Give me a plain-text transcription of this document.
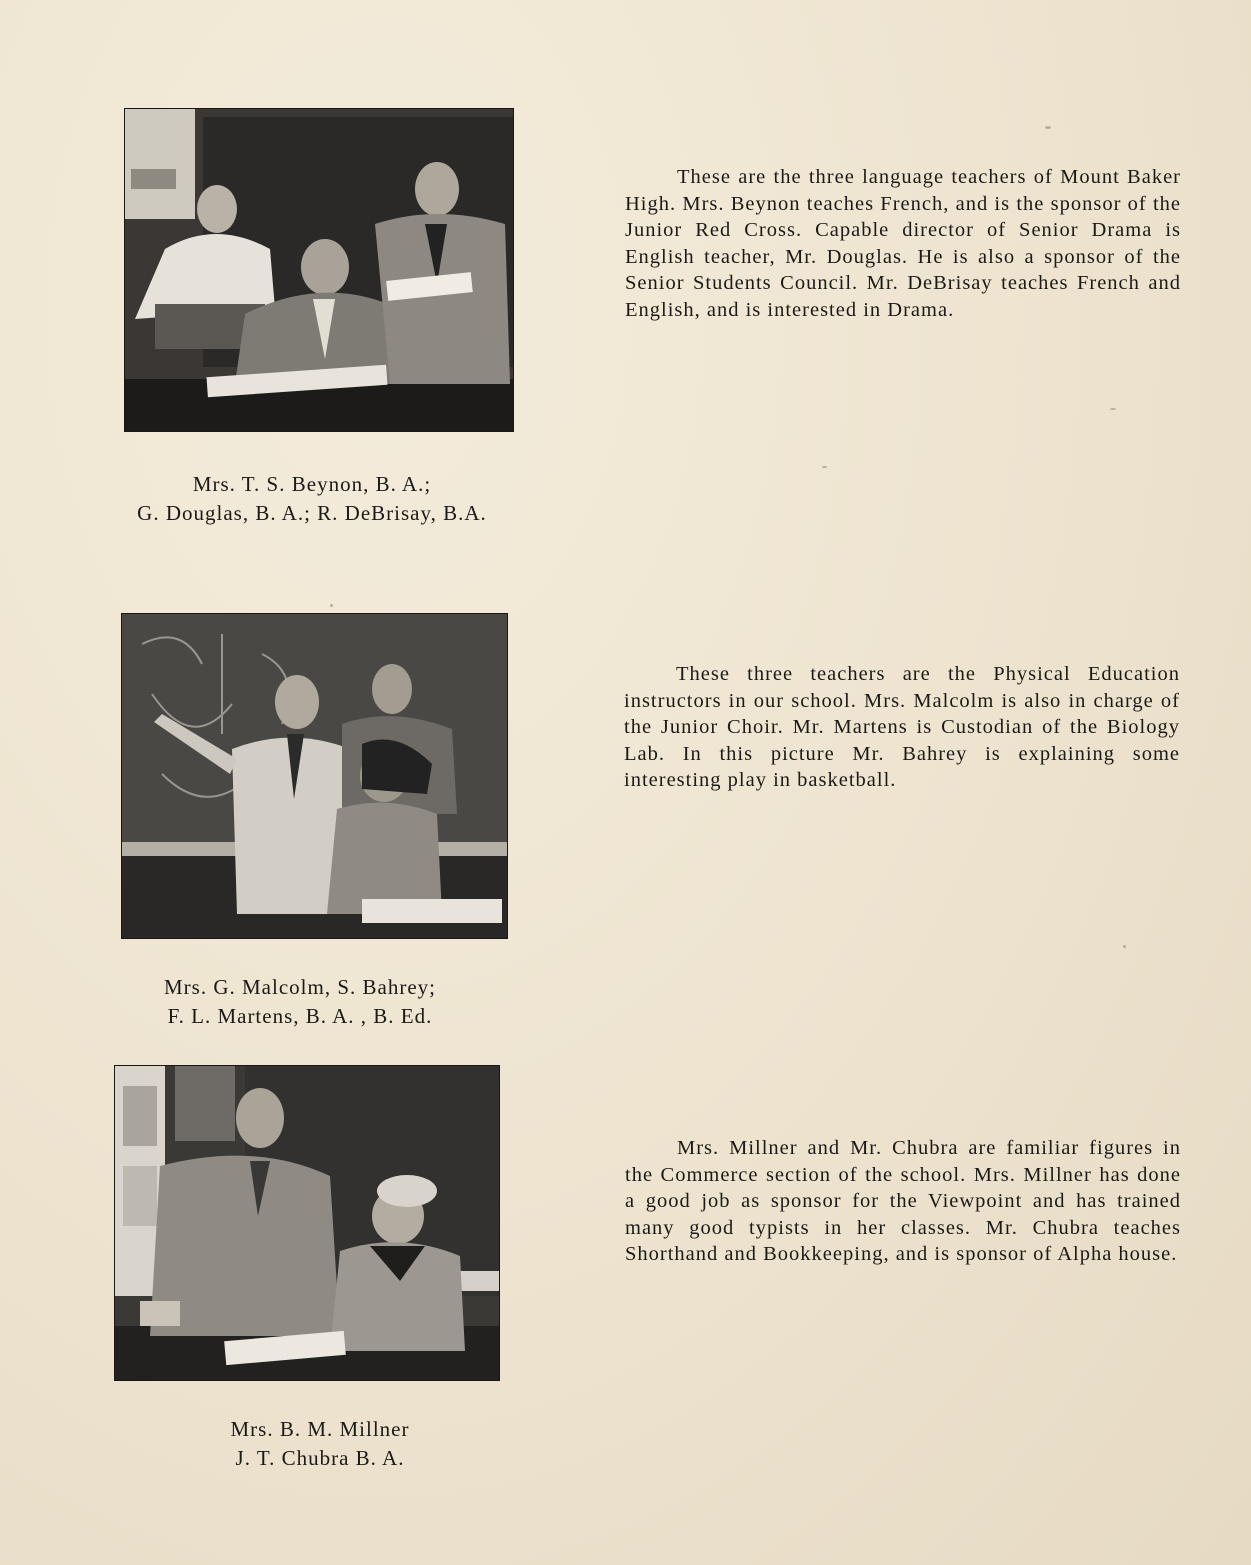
Mrs. T. S. Beynon, B. A.;
G. Douglas, B. A.; R. DeBrisay, B.A.

These are the three language teachers of Mount Baker High. Mrs. Beynon teaches French, and is the sponsor of the Junior Red Cross. Capable director of Senior Drama is English teacher, Mr. Douglas. He is also a sponsor of the Senior Students Council. Mr. DeBrisay teaches French and English, and is interested in Drama.

Mrs. G. Malcolm, S. Bahrey;
F. L. Martens, B. A. , B. Ed.

These three teachers are the Physical Education instructors in our school. Mrs. Malcolm is also in charge of the Junior Choir. Mr. Martens is Custodian of the Biology Lab. In this picture Mr. Bahrey is explaining some interesting play in basketball.

Mrs. B. M. Millner
J. T. Chubra B. A.

Mrs. Millner and Mr. Chubra are familiar figures in the Commerce section of the school. Mrs. Millner has done a good job as sponsor for the Viewpoint and has trained many good typists in her classes. Mr. Chubra teaches Shorthand and Bookkeeping, and is sponsor of Alpha house.
